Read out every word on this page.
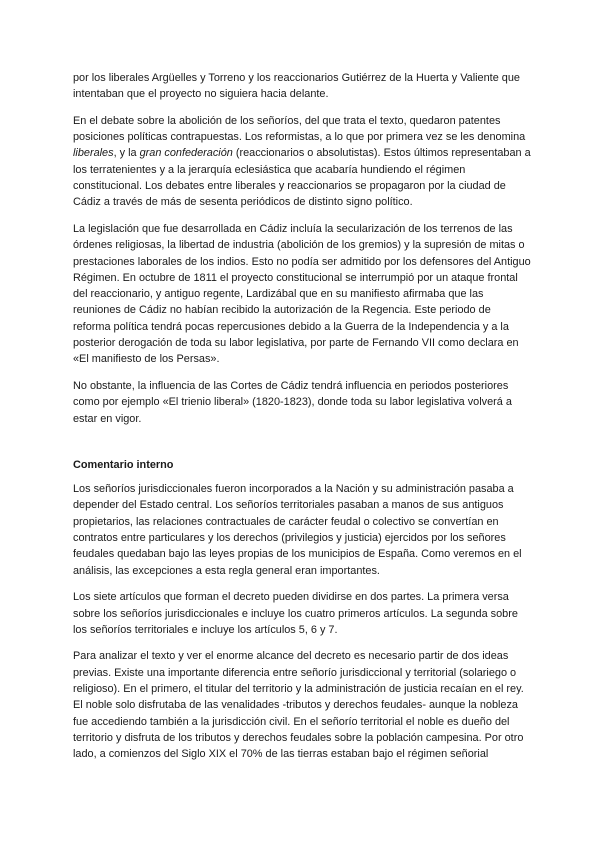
por los liberales Argüelles y Torreno y los reaccionarios Gutiérrez de la Huerta y Valiente que intentaban que el proyecto no siguiera hacia delante.

En el debate sobre la abolición de los señoríos, del que trata el texto, quedaron patentes posiciones políticas contrapuestas. Los reformistas, a lo que por primera vez se les denomina liberales, y la gran confederación (reaccionarios o absolutistas). Estos últimos representaban a los terratenientes y a la jerarquía eclesiástica que acabaría hundiendo el régimen constitucional. Los debates entre liberales y reaccionarios se propagaron por la ciudad de Cádiz a través de más de sesenta periódicos de distinto signo político.

La legislación que fue desarrollada en Cádiz incluía la secularización de los terrenos de las órdenes religiosas, la libertad de industria (abolición de los gremios) y la supresión de mitas o prestaciones laborales de los indios. Esto no podía ser admitido por los defensores del Antiguo Régimen. En octubre de 1811 el proyecto constitucional se interrumpió por un ataque frontal del reaccionario, y antiguo regente, Lardizábal que en su manifiesto afirmaba que las reuniones de Cádiz no habían recibido la autorización de la Regencia. Este periodo de reforma política tendrá pocas repercusiones debido a la Guerra de la Independencia y a la posterior derogación de toda su labor legislativa, por parte de Fernando VII como declara en «El manifiesto de los Persas».

No obstante, la influencia de las Cortes de Cádiz tendrá influencia en periodos posteriores como por ejemplo «El trienio liberal» (1820-1823), donde toda su labor legislativa volverá a estar en vigor.

Comentario interno

Los señoríos jurisdiccionales fueron incorporados a la Nación y su administración pasaba a depender del Estado central. Los señoríos territoriales pasaban a manos de sus antiguos propietarios, las relaciones contractuales de carácter feudal o colectivo se convertían en contratos entre particulares y los derechos (privilegios y justicia) ejercidos por los señores feudales quedaban bajo las leyes propias de los municipios de España. Como veremos en el análisis, las excepciones a esta regla general eran importantes.

Los siete artículos que forman el decreto pueden dividirse en dos partes. La primera versa sobre los señoríos jurisdiccionales e incluye los cuatro primeros artículos. La segunda sobre los señoríos territoriales e incluye los artículos 5, 6 y 7.

Para analizar el texto y ver el enorme alcance del decreto es necesario partir de dos ideas previas. Existe una importante diferencia entre señorío jurisdiccional y territorial (solariego o religioso). En el primero, el titular del territorio y la administración de justicia recaían en el rey. El noble solo disfrutaba de las venalidades -tributos y derechos feudales- aunque la nobleza fue accediendo también a la jurisdicción civil. En el señorío territorial el noble es dueño del territorio y disfruta de los tributos y derechos feudales sobre la población campesina. Por otro lado, a comienzos del Siglo XIX el 70% de las tierras estaban bajo el régimen señorial
